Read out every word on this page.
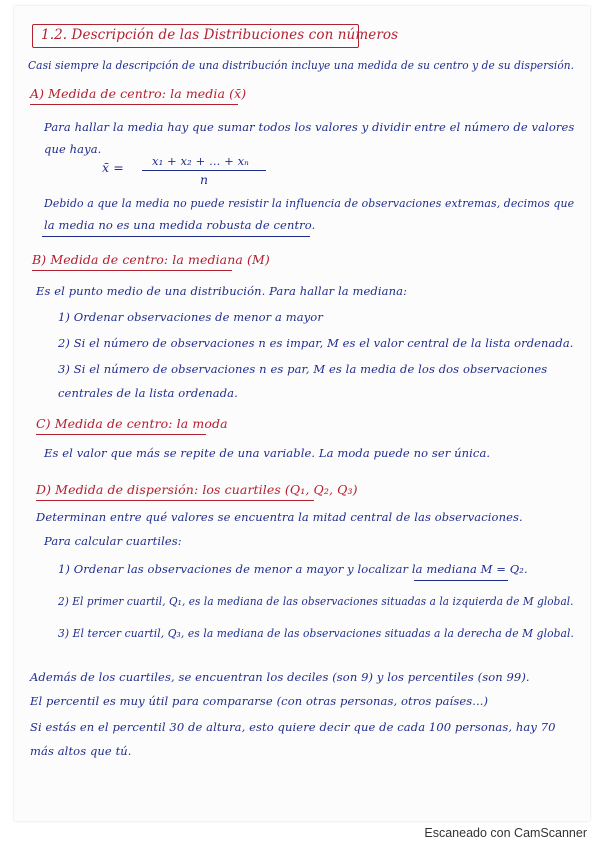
1.2. Descripción de las Distribuciones con números
Casi siempre la descripción de una distribución incluye una medida de su centro y de su dispersión.
A) Medida de centro: la media (x̄)
Para hallar la media hay que sumar todos los valores y dividir entre el número de valores
que haya.
x̄ = x₁ + x₂ + ... + xₙ
n
Debido a que la media no puede resistir la influencia de observaciones extremas, decimos que
la media no es una medida robusta de centro.
B) Medida de centro: la mediana (M)
Es el punto medio de una distribución. Para hallar la mediana:
1) Ordenar observaciones de menor a mayor
2) Si el número de observaciones n es impar, M es el valor central de la lista ordenada.
3) Si el número de observaciones n es par, M es la media de los dos observaciones
centrales de la lista ordenada.
C) Medida de centro: la moda
Es el valor que más se repite de una variable. La moda puede no ser única.
D) Medida de dispersión: los cuartiles (Q₁, Q₂, Q₃)
Determinan entre qué valores se encuentra la mitad central de las observaciones.
Para calcular cuartiles:
1) Ordenar las observaciones de menor a mayor y localizar la mediana M = Q₂.
2) El primer cuartil, Q₁, es la mediana de las observaciones situadas a la izquierda de M global.
3) El tercer cuartil, Q₃, es la mediana de las observaciones situadas a la derecha de M global.
Además de los cuartiles, se encuentran los deciles (son 9) y los percentiles (son 99).
El percentil es muy útil para compararse (con otras personas, otros países...)
Si estás en el percentil 30 de altura, esto quiere decir que de cada 100 personas, hay 70
más altos que tú.
Escaneado con CamScanner
